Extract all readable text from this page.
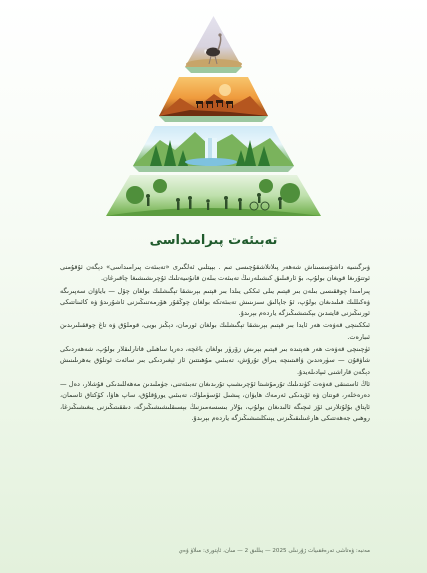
تەبىئەت پىرامىداسى

ۋىرگىنىيە داشۆسسىناش شەھەر پىلانلاشقۇچىسى تىم . بېيتلىي ئەلگىرى «تەبىئەت پىرامىداسى» دېگەن ئۇقۇمنى ئوتتۇرىغا قويغان بولۇپ، بۇ ئارقىلىق كىشىلەرنىڭ تەبىئەت بىلەن قانۇنىيەتلىك ئۇچرىشىشىغا چاقىرغان.

پىرامىدا چوققىسى بىلەن بىر قېتىم يىلى ئىككى يىلدا بىر قېتىم بېرىشقا تېگىشلىك بولغان چۆل — باياۋان سەپىرىگە ۋەكىللىك قىلىدىغان بولۇپ، ئۇ جاپالىق سىزىنىش تەبىئەتكە بولغان چوڭقۇر ھۆرمەتنىڭىزنى ئاشۇرىدۇ ۋە كائىناتتىكى ئورنىڭىزنى قايتىدىن بېكىتىشىڭىزگە ياردەم بېرىدۇ.

ئىككىنچى قەۋەت ھەر ئايدا بىر قېتىم بېرىشقا تېگىشلىك بولغان ئورمان، دېڭىز بويى، قوملۇق ۋە تاغ چوققىلىرىدىن ئىبارەت.

ئۈچىنچى قەۋەت ھەر ھەپتىدە بىر قېتىم بېرىش زۆرۈر بولغان باغچە، دەريا ساھىلى قاتارلىقلار بولۇپ، شەھەردىكى شاۋقۇن — سۈرەندىن ۋاقىتىنچە يىراق تۇرۇش، تەبىئىي مۇھىتتىن ئاز ئېغىردىكى بىر سائەت ئوتلۇق بەھرىلىنىش دېگەن قاراشنى ئىپادىلەيدۇ.

ئاڭ ئاستىنقى قەۋەت كۈندىلىك تۇرمۇشىتا ئۇچرىشىپ تۇرىدىغان تەبىئەتنى، جۈملىدىن مەھەللىدىكى قۇشلار، دەل — دەرەخلەر، قونتان ۋە ئۆيدىكى ئەرمەك ھايۋان، پىشىل ئۆسۈملۈك، تەبىئىي يورۇقلۇق، ساپ ھاۋا، كۆكتاق ئاسمان، ئاپتاق بۇلۇتلارنى ئۆز ئىچىگە ئالىدىغان بولۇپ، بۇلار بىسسەمىزنىڭ بېسىقلىشىشىڭىزگە، دىققىتىڭىزنى يىغىشىڭىزغا، روھىي جەھەتتىكى ھارغىنلىقىڭىزنى يېنىكلىتىشىڭىزگە ياردەم بېرىدۇ.

مەنبە: ۋەتاشى تەرەققىيات ژۇرنىلى 2025 — يىللىق 2 — سان، ئاپتورى: مىلاۋ ۋەي
